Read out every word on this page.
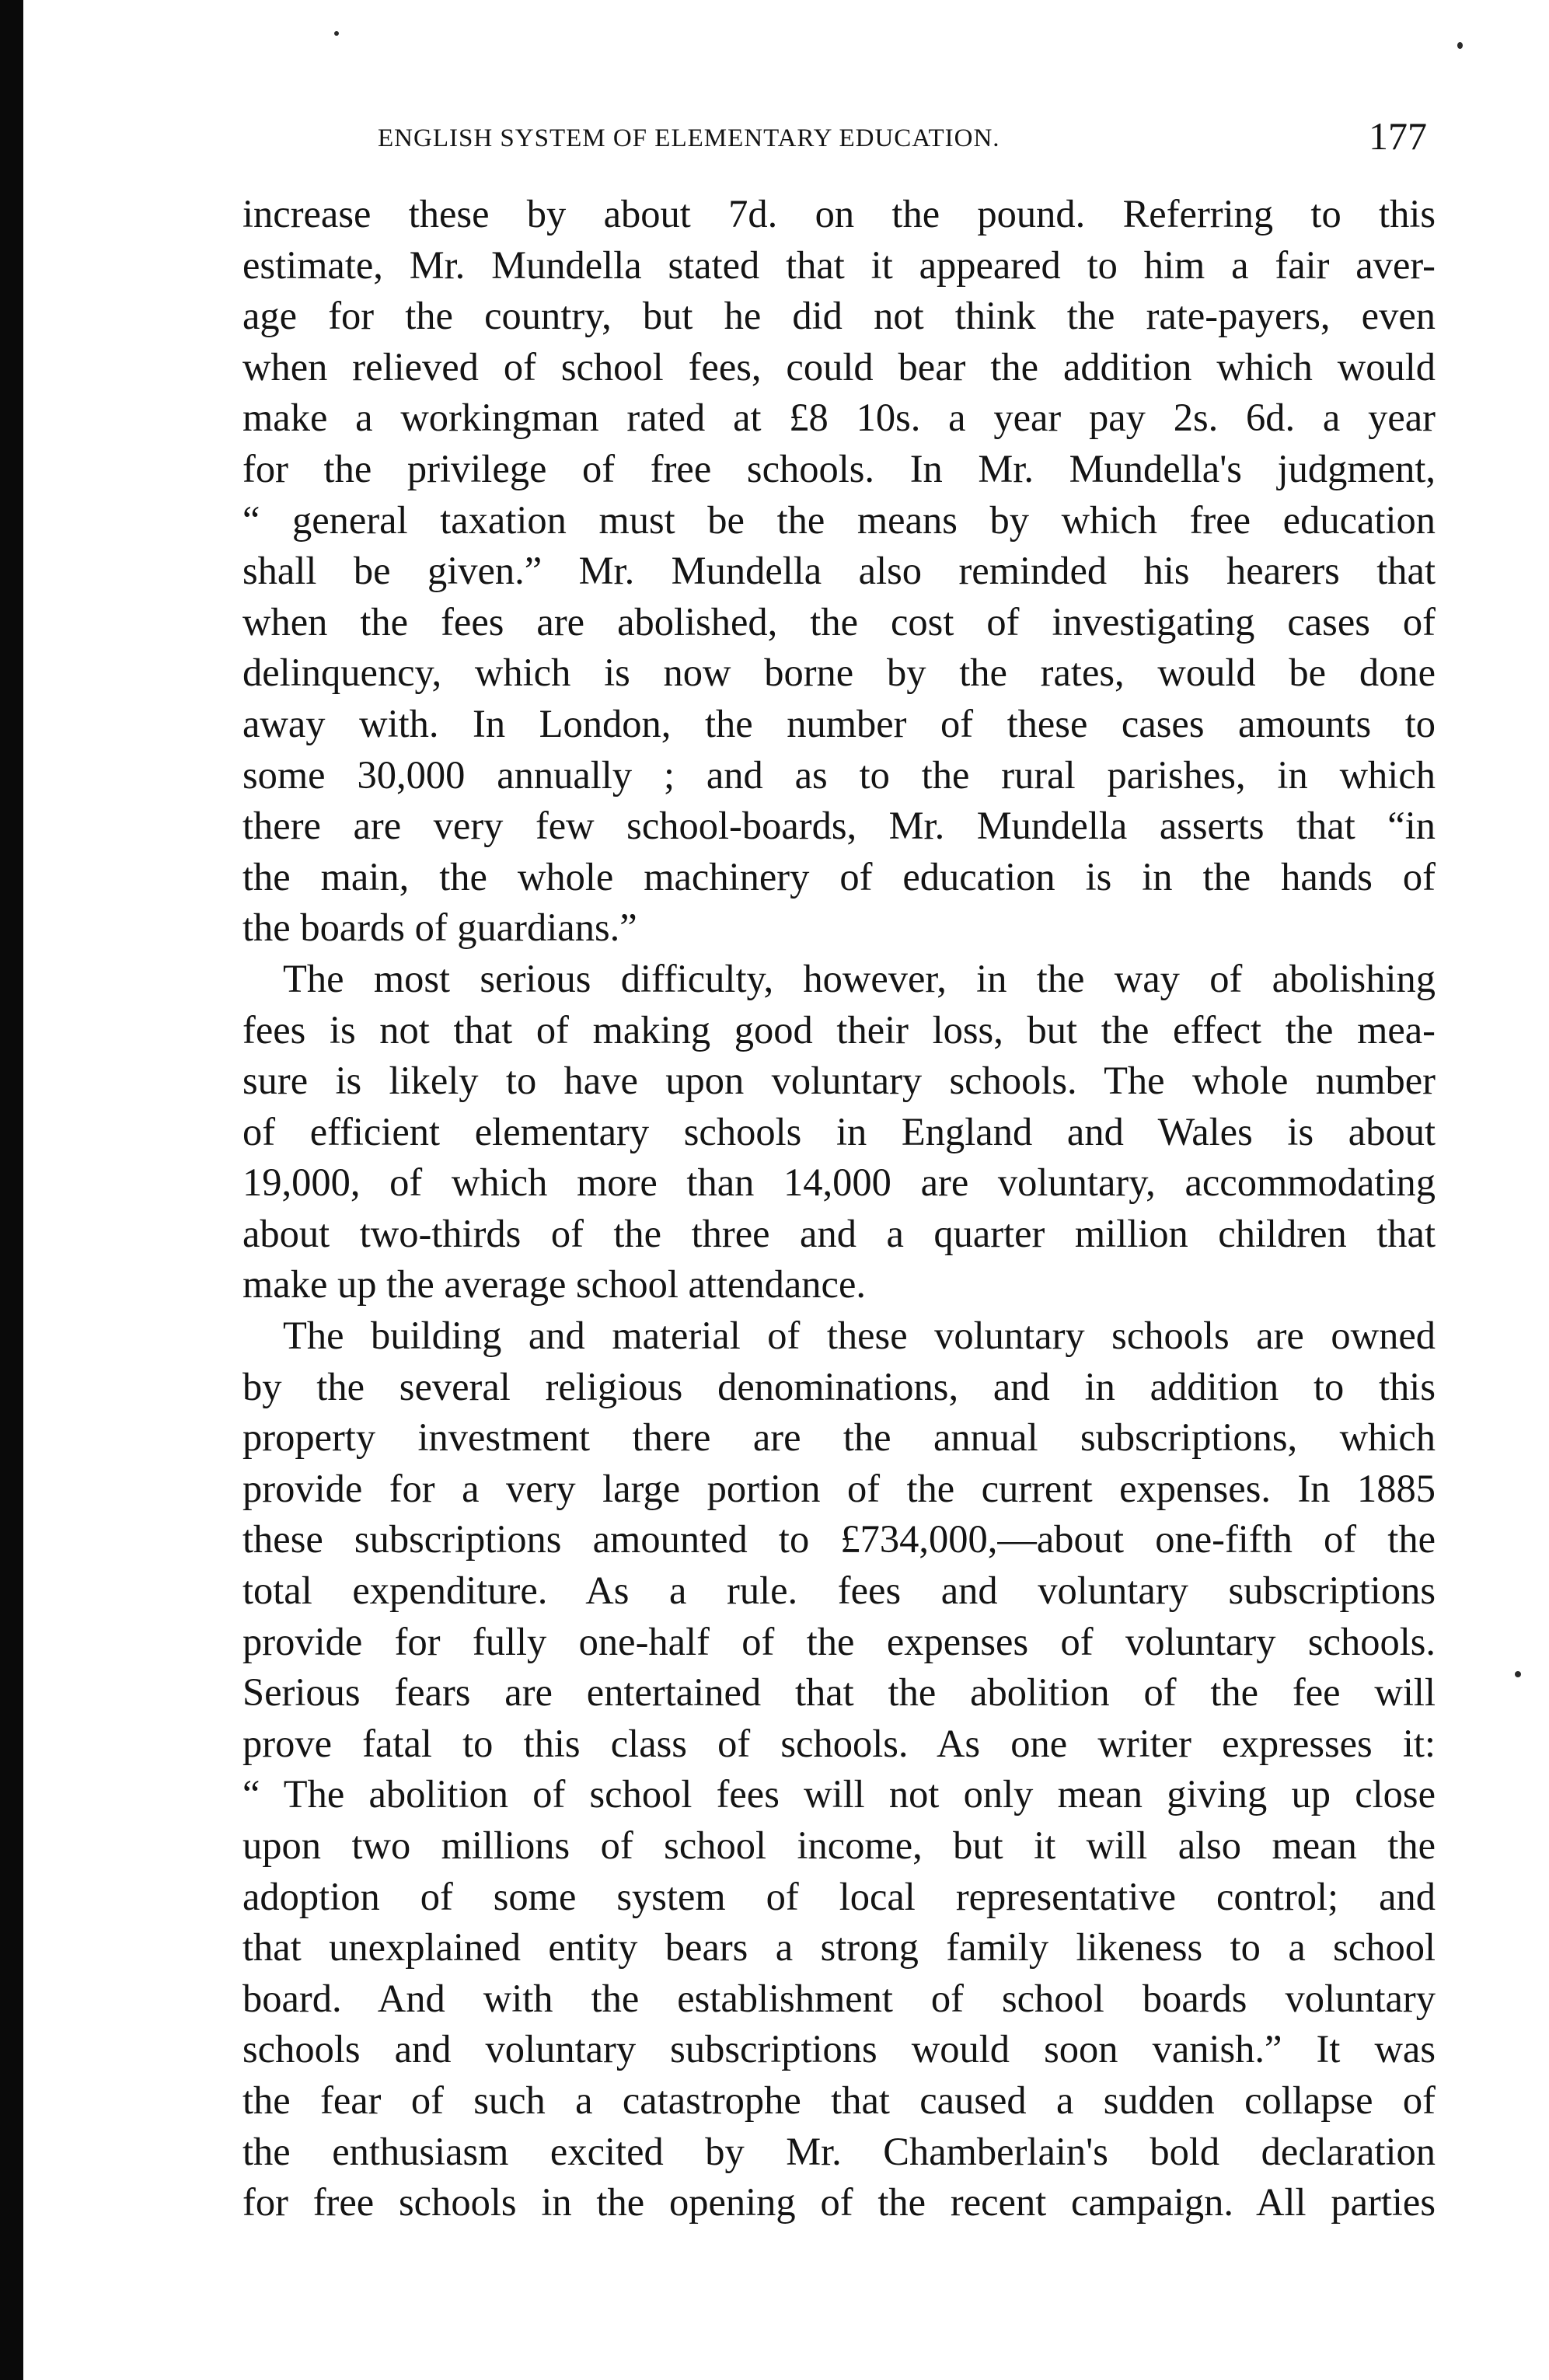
ENGLISH SYSTEM OF ELEMENTARY EDUCATION.	177
increase these by about 7d. on the pound. Referring to this
estimate, Mr. Mundella stated that it appeared to him a fair aver-
age for the country, but he did not think the rate-payers, even
when relieved of school fees, could bear the addition which would
make a workingman rated at £8 10s. a year pay 2s. 6d. a year
for the privilege of free schools. In Mr. Mundella's judgment,
“ general taxation must be the means by which free education
shall be given.” Mr. Mundella also reminded his hearers that
when the fees are abolished, the cost of investigating cases of
delinquency, which is now borne by the rates, would be done
away with. In London, the number of these cases amounts to
some 30,000 annually ; and as to the rural parishes, in which
there are very few school-boards, Mr. Mundella asserts that “in
the main, the whole machinery of education is in the hands of
the boards of guardians.”
The most serious difficulty, however, in the way of abolishing
fees is not that of making good their loss, but the effect the mea-
sure is likely to have upon voluntary schools. The whole number
of efficient elementary schools in England and Wales is about
19,000, of which more than 14,000 are voluntary, accommodating
about two-thirds of the three and a quarter million children that
make up the average school attendance.
The building and material of these voluntary schools are owned
by the several religious denominations, and in addition to this
property investment there are the annual subscriptions, which
provide for a very large portion of the current expenses. In 1885
these subscriptions amounted to £734,000,—about one-fifth of the
total expenditure. As a rule. fees and voluntary subscriptions
provide for fully one-half of the expenses of voluntary schools.
Serious fears are entertained that the abolition of the fee will
prove fatal to this class of schools. As one writer expresses it:
“ The abolition of school fees will not only mean giving up close
upon two millions of school income, but it will also mean the
adoption of some system of local representative control; and
that unexplained entity bears a strong family likeness to a school
board. And with the establishment of school boards voluntary
schools and voluntary subscriptions would soon vanish.” It was
the fear of such a catastrophe that caused a sudden collapse of
the enthusiasm excited by Mr. Chamberlain's bold declaration
for free schools in the opening of the recent campaign. All parties
